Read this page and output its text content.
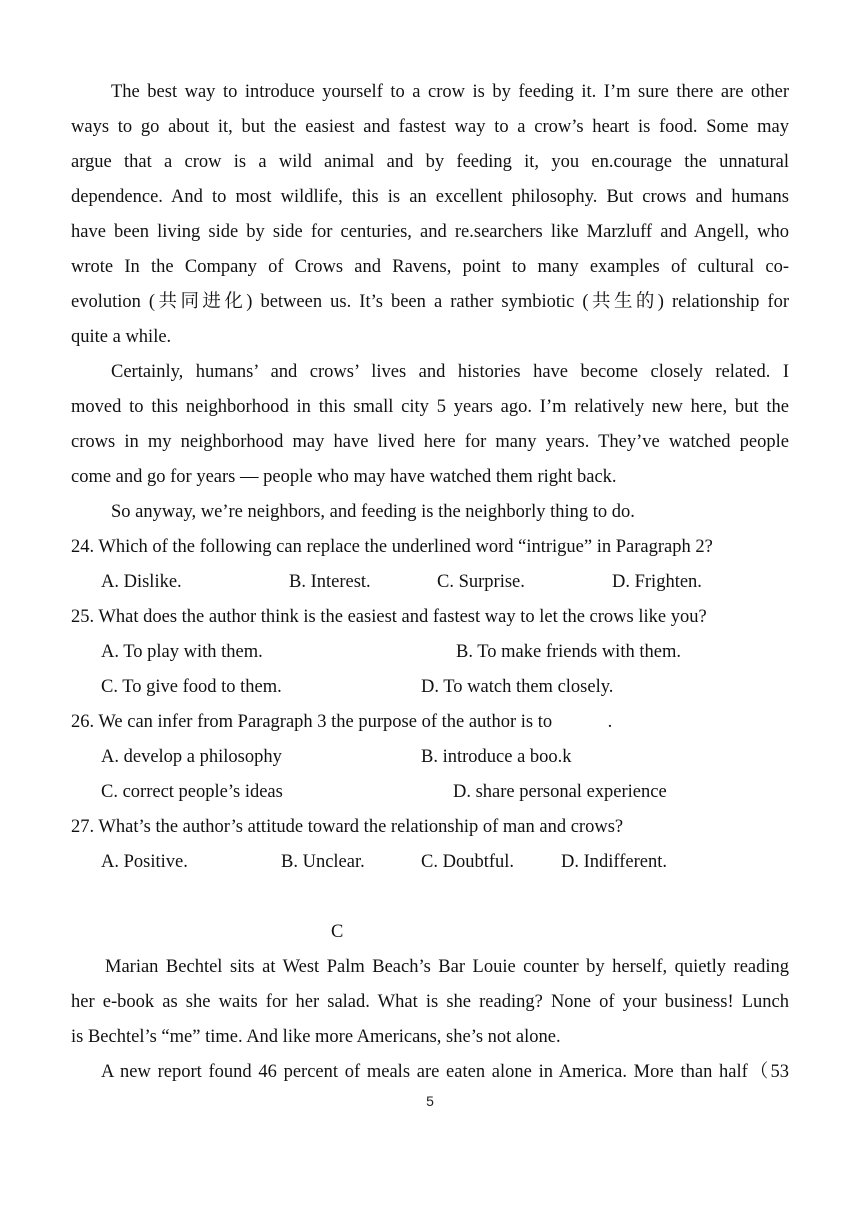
The best way to introduce yourself to a crow is by feeding it. I’m sure there are other
ways to go about it, but the easiest and fastest way to a crow’s heart is food. Some may
argue that a crow is a wild animal and by feeding it, you en.courage the unnatural
dependence. And to most wildlife, this is an excellent philosophy. But crows and humans
have been living side by side for centuries, and re.searchers like Marzluff and Angell, who
wrote In the Company of Crows and Ravens, point to many examples of cultural co-
evolution (共同进化) between us. It’s been a rather symbiotic (共生的) relationship for
quite a while.
Certainly, humans’ and crows’ lives and histories have become closely related. I
moved to this neighborhood in this small city 5 years ago. I’m relatively new here, but the
crows in my neighborhood may have lived here for many years. They’ve watched people
come and go for years — people who may have watched them right back.
So anyway, we’re neighbors, and feeding is the neighborly thing to do.
24. Which of the following can replace the underlined word “intrigue” in Paragraph 2?
A. Dislike.	B. Interest.	C. Surprise.	D. Frighten.
25. What does the author think is the easiest and fastest way to let the crows like you?
A. To play with them.	B. To make friends with them.
C. To give food to them.	D. To watch them closely.
26. We can infer from Paragraph 3 the purpose of the author is to            .
A. develop a philosophy	B. introduce a boo.k
C. correct people’s ideas	D. share personal experience
27. What’s the author’s attitude toward the relationship of man and crows?
A. Positive.	B. Unclear.	C. Doubtful.	D. Indifferent.
C
Marian Bechtel sits at West Palm Beach’s Bar Louie counter by herself, quietly reading
her e-book as she waits for her salad. What is she reading? None of your business! Lunch
is Bechtel’s “me” time. And like more Americans, she’s not alone.
A new report found 46 percent of meals are eaten alone in America. More than half（53
5
